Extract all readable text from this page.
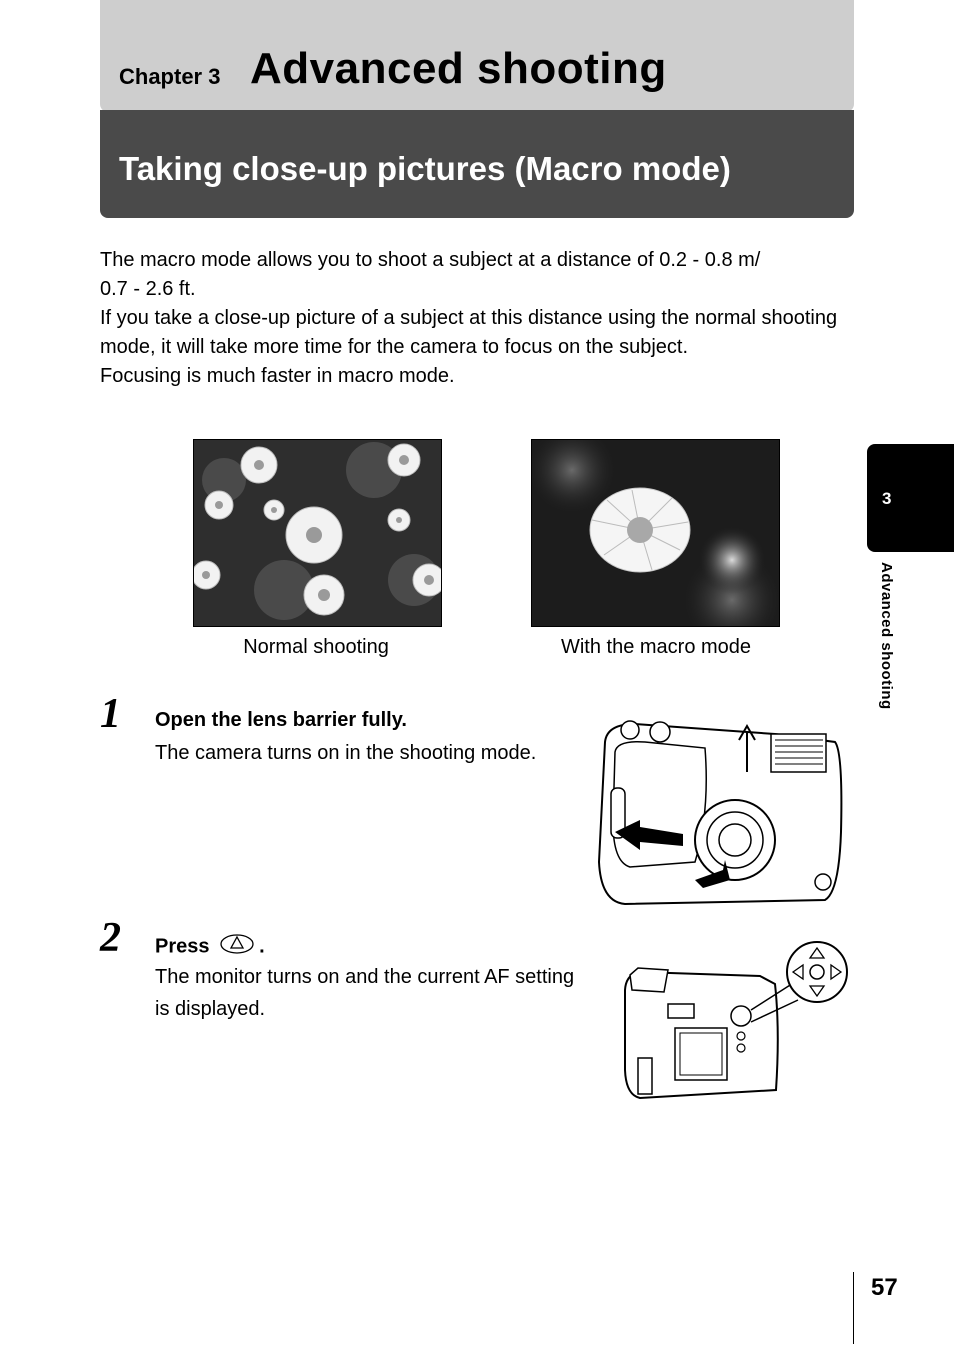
Chapter 3 Advanced shooting
Taking close-up pictures (Macro mode)

The macro mode allows you to shoot a subject at a distance of 0.2 - 0.8 m/

0.7 - 2.6 ft.

If you take a close-up picture of a subject at this distance using the normal shooting mode, it will take more time for the camera to focus on the subject.

Focusing is much faster in macro mode.

Normal shooting	With the macro mode
1 Open the lens barrier fully.
The camera turns on in the shooting mode.
2 Press .
The monitor turns on and the current AF setting is displayed.
3
Advanced shooting
57
